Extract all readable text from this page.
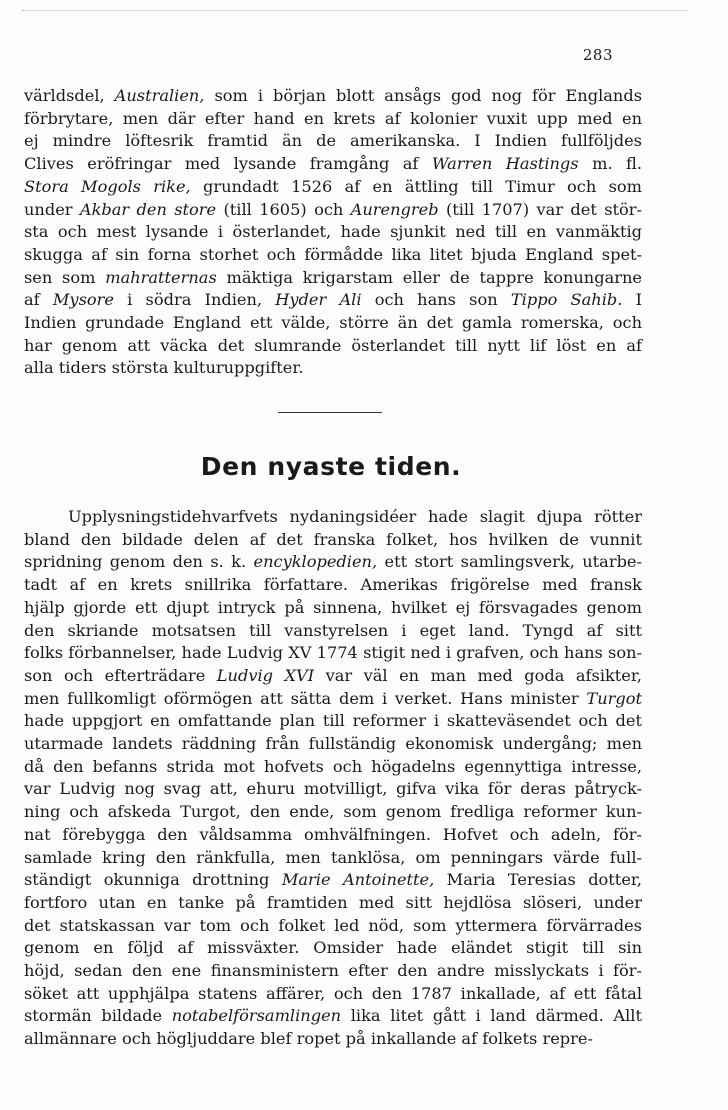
283
världsdel, Australien, som i början blott ansågs god nog för Englands
förbrytare, men där efter hand en krets af kolonier vuxit upp med en
ej mindre löftesrik framtid än de amerikanska. I Indien fullföljdes
Clives eröfringar med lysande framgång af Warren Hastings m. fl.
Stora Mogols rike, grundadt 1526 af en ättling till Timur och som
under Akbar den store (till 1605) och Aurengreb (till 1707) var det stör-
sta och mest lysande i österlandet, hade sjunkit ned till en vanmäktig
skugga af sin forna storhet och förmådde lika litet bjuda England spet-
sen som mahratternas mäktiga krigarstam eller de tappre konungarne
af Mysore i södra Indien, Hyder Ali och hans son Tippo Sahib. I
Indien grundade England ett välde, större än det gamla romerska, och
har genom att väcka det slumrande österlandet till nytt lif löst en af
alla tiders största kulturuppgifter.
Den nyaste tiden.
Upplysningstidehvarfvets nydaningsidéer hade slagit djupa rötter
bland den bildade delen af det franska folket, hos hvilken de vunnit
spridning genom den s. k. encyklopedien, ett stort samlingsverk, utarbe-
tadt af en krets snillrika författare. Amerikas frigörelse med fransk
hjälp gjorde ett djupt intryck på sinnena, hvilket ej försvagades genom
den skriande motsatsen till vanstyrelsen i eget land. Tyngd af sitt
folks förbannelser, hade Ludvig XV 1774 stigit ned i grafven, och hans son-
son och efterträdare Ludvig XVI var väl en man med goda afsikter,
men fullkomligt oförmögen att sätta dem i verket. Hans minister Turgot
hade uppgjort en omfattande plan till reformer i skatteväsendet och det
utarmade landets räddning från fullständig ekonomisk undergång; men
då den befanns strida mot hofvets och högadelns egennyttiga intresse,
var Ludvig nog svag att, ehuru motvilligt, gifva vika för deras påtryck-
ning och afskeda Turgot, den ende, som genom fredliga reformer kun-
nat förebygga den våldsamma omhvälfningen. Hofvet och adeln, för-
samlade kring den ränkfulla, men tanklösa, om penningars värde full-
ständigt okunniga drottning Marie Antoinette, Maria Teresias dotter,
fortforo utan en tanke på framtiden med sitt hejdlösa slöseri, under
det statskassan var tom och folket led nöd, som yttermera förvärrades
genom en följd af missväxter. Omsider hade eländet stigit till sin
höjd, sedan den ene finansministern efter den andre misslyckats i för-
söket att upphjälpa statens affärer, och den 1787 inkallade, af ett fåtal
stormän bildade notabelförsamlingen lika litet gått i land därmed. Allt
allmännare och högljuddare blef ropet på inkallande af folkets repre-
